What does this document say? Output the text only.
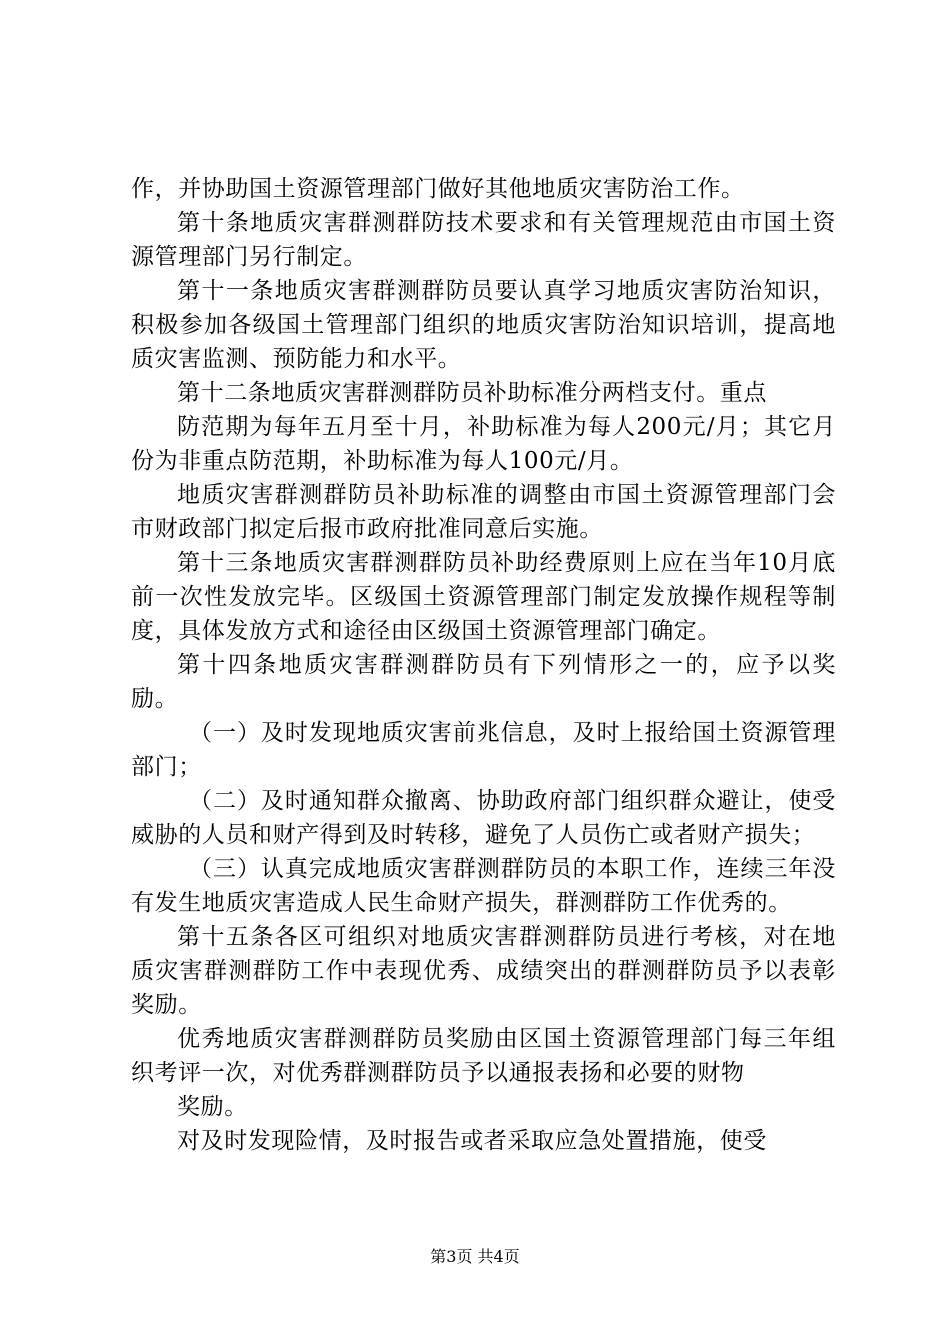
作，并协助国土资源管理部门做好其他地质灾害防治工作。

第十条地质灾害群测群防技术要求和有关管理规范由市国土资源管理部门另行制定。

第十一条地质灾害群测群防员要认真学习地质灾害防治知识，积极参加各级国土管理部门组织的地质灾害防治知识培训，提高地质灾害监测、预防能力和水平。

第十二条地质灾害群测群防员补助标准分两档支付。重点

防范期为每年五月至十月，补助标准为每人200元/月；其它月份为非重点防范期，补助标准为每人100元/月。

地质灾害群测群防员补助标准的调整由市国土资源管理部门会市财政部门拟定后报市政府批准同意后实施。

第十三条地质灾害群测群防员补助经费原则上应在当年10月底前一次性发放完毕。区级国土资源管理部门制定发放操作规程等制度，具体发放方式和途径由区级国土资源管理部门确定。

第十四条地质灾害群测群防员有下列情形之一的，应予以奖励。

（一）及时发现地质灾害前兆信息，及时上报给国土资源管理部门；

（二）及时通知群众撤离、协助政府部门组织群众避让，使受威胁的人员和财产得到及时转移，避免了人员伤亡或者财产损失；

（三）认真完成地质灾害群测群防员的本职工作，连续三年没有发生地质灾害造成人民生命财产损失，群测群防工作优秀的。

第十五条各区可组织对地质灾害群测群防员进行考核，对在地质灾害群测群防工作中表现优秀、成绩突出的群测群防员予以表彰奖励。

优秀地质灾害群测群防员奖励由区国土资源管理部门每三年组织考评一次，对优秀群测群防员予以通报表扬和必要的财物

奖励。

对及时发现险情，及时报告或者采取应急处置措施，使受

第3页 共4页
